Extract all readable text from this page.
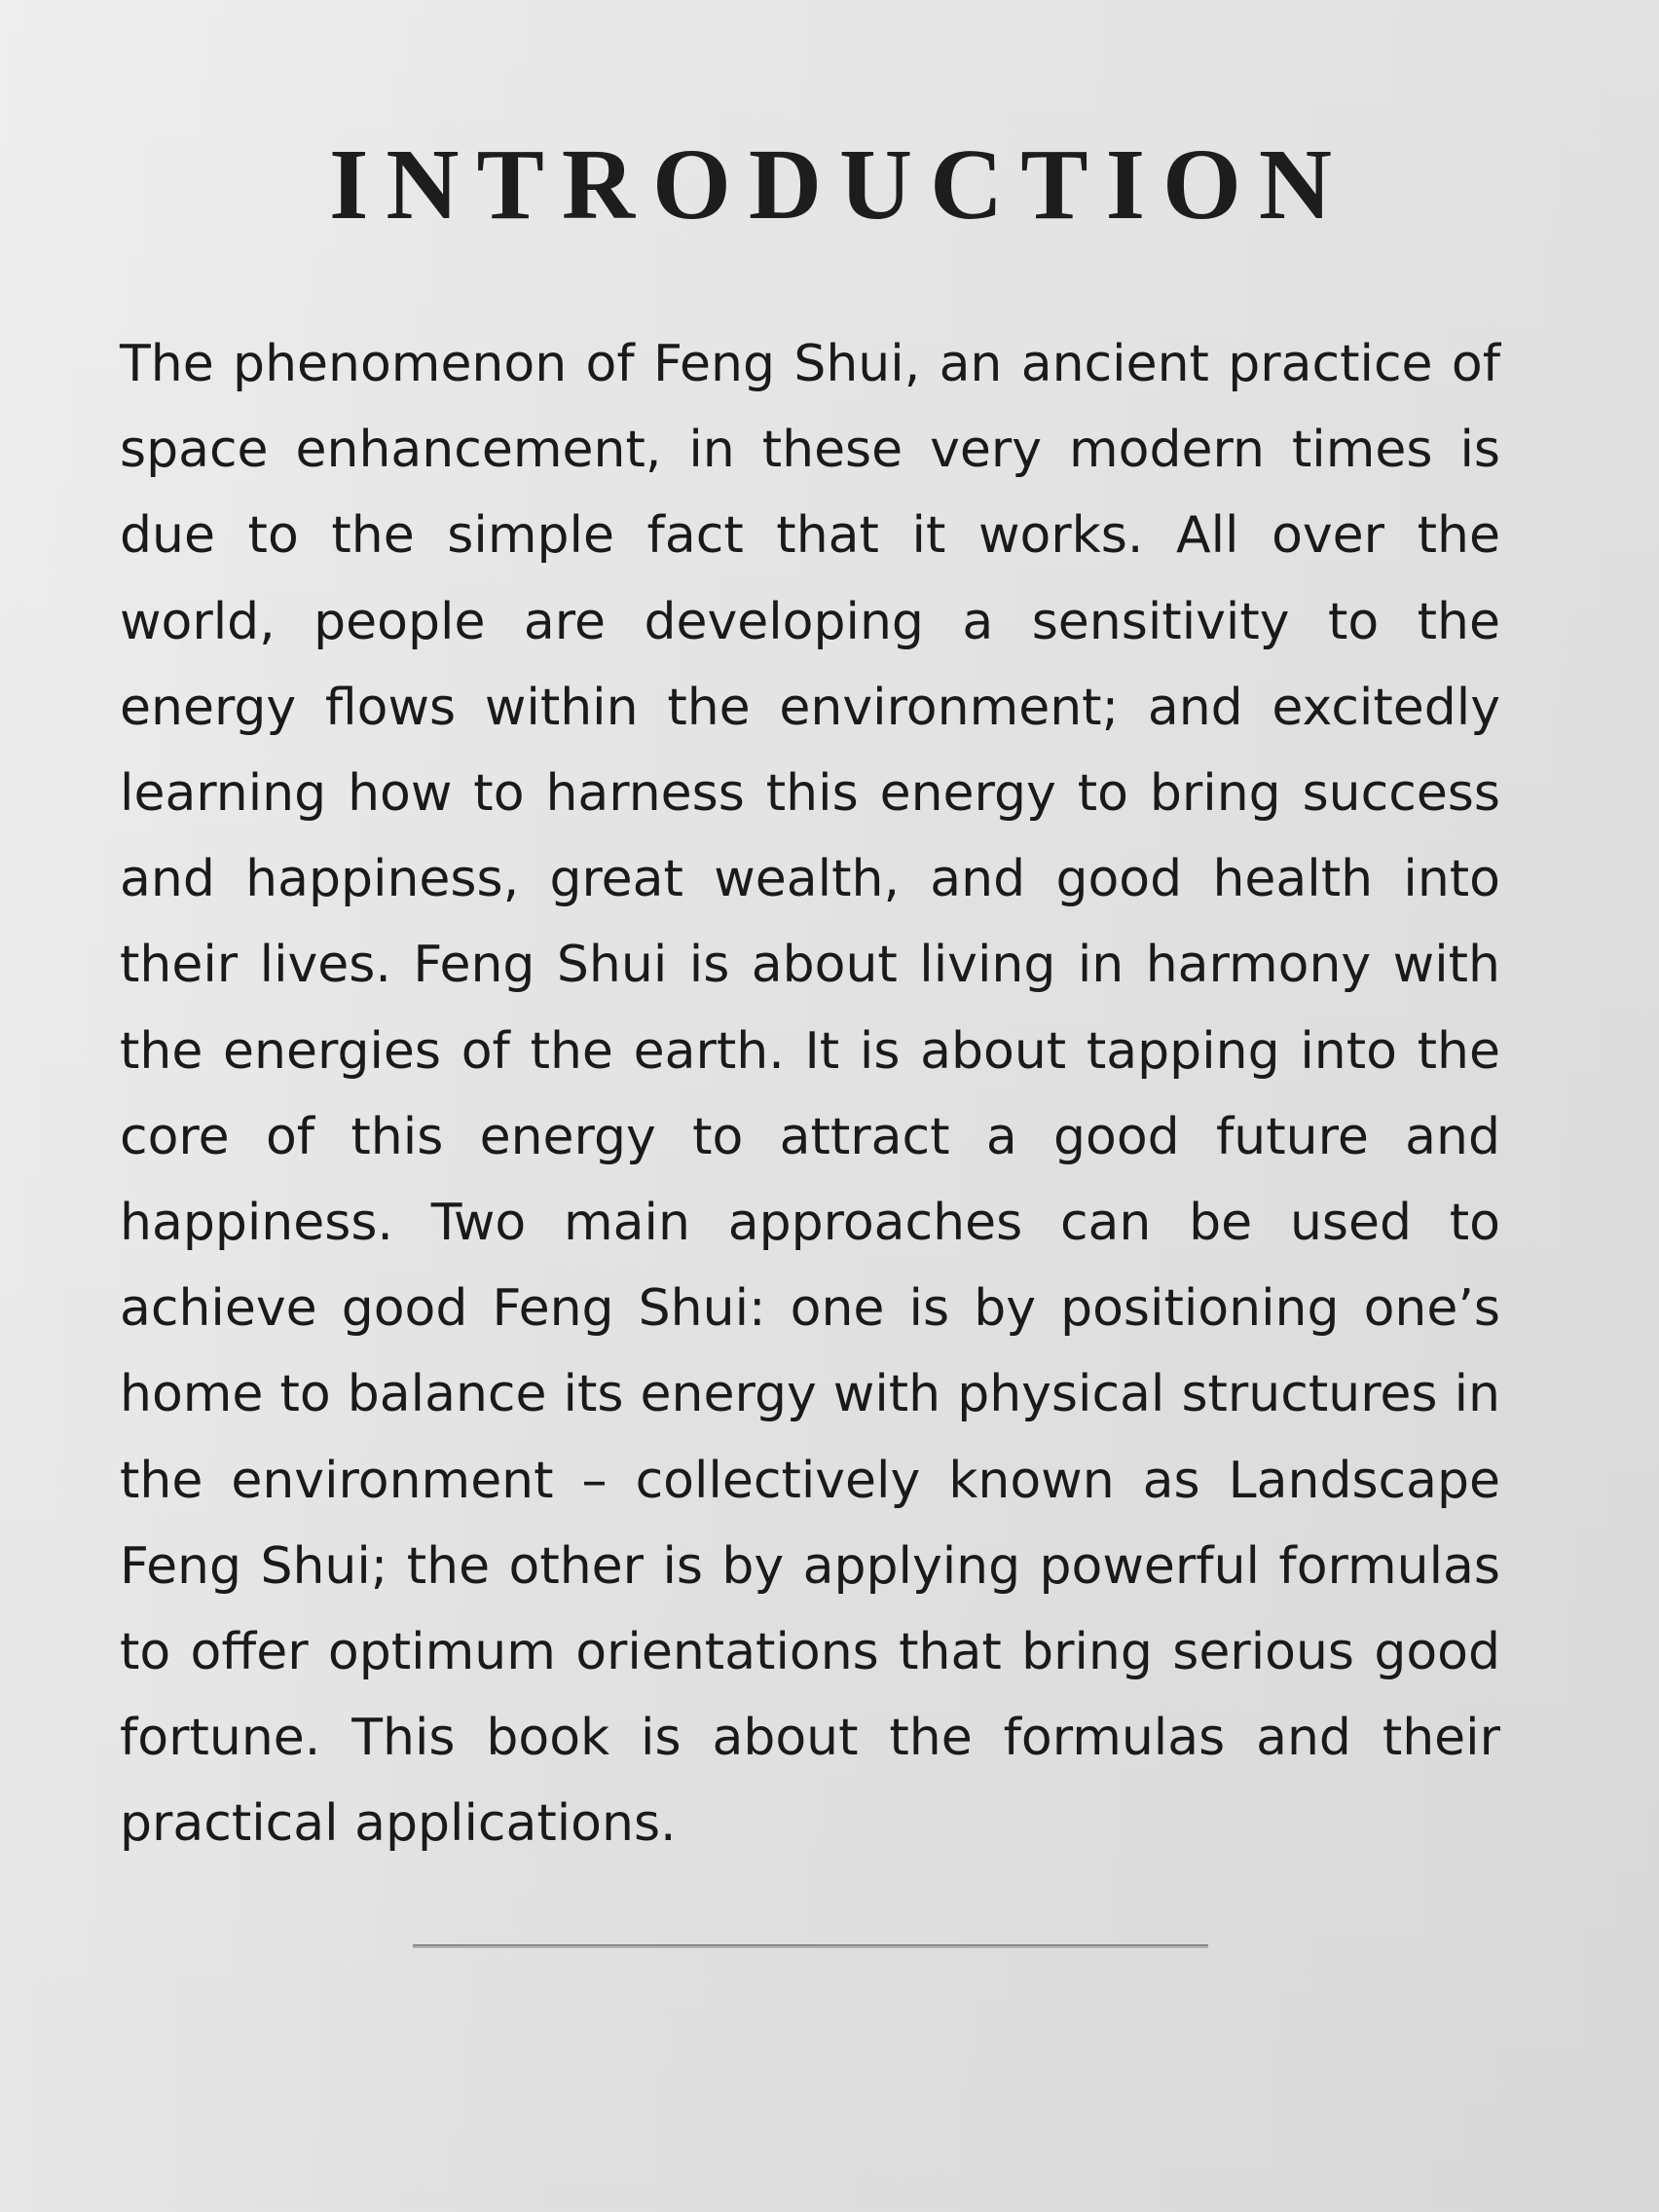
INTRODUCTION

The phenomenon of Feng Shui, an ancient practice of space enhancement, in these very modern times is due to the simple fact that it works. All over the world, people are developing a sensitivity to the energy flows within the environment; and excitedly learning how to harness this energy to bring success and happiness, great wealth, and good health into their lives. Feng Shui is about living in harmony with the energies of the earth. It is about tapping into the core of this energy to attract a good future and happiness. Two main approaches can be used to achieve good Feng Shui: one is by positioning one’s home to balance its energy with physical structures in the environment – collectively known as Landscape Feng Shui; the other is by applying powerful formulas to offer optimum orientations that bring serious good fortune. This book is about the formulas and their practical applications.
